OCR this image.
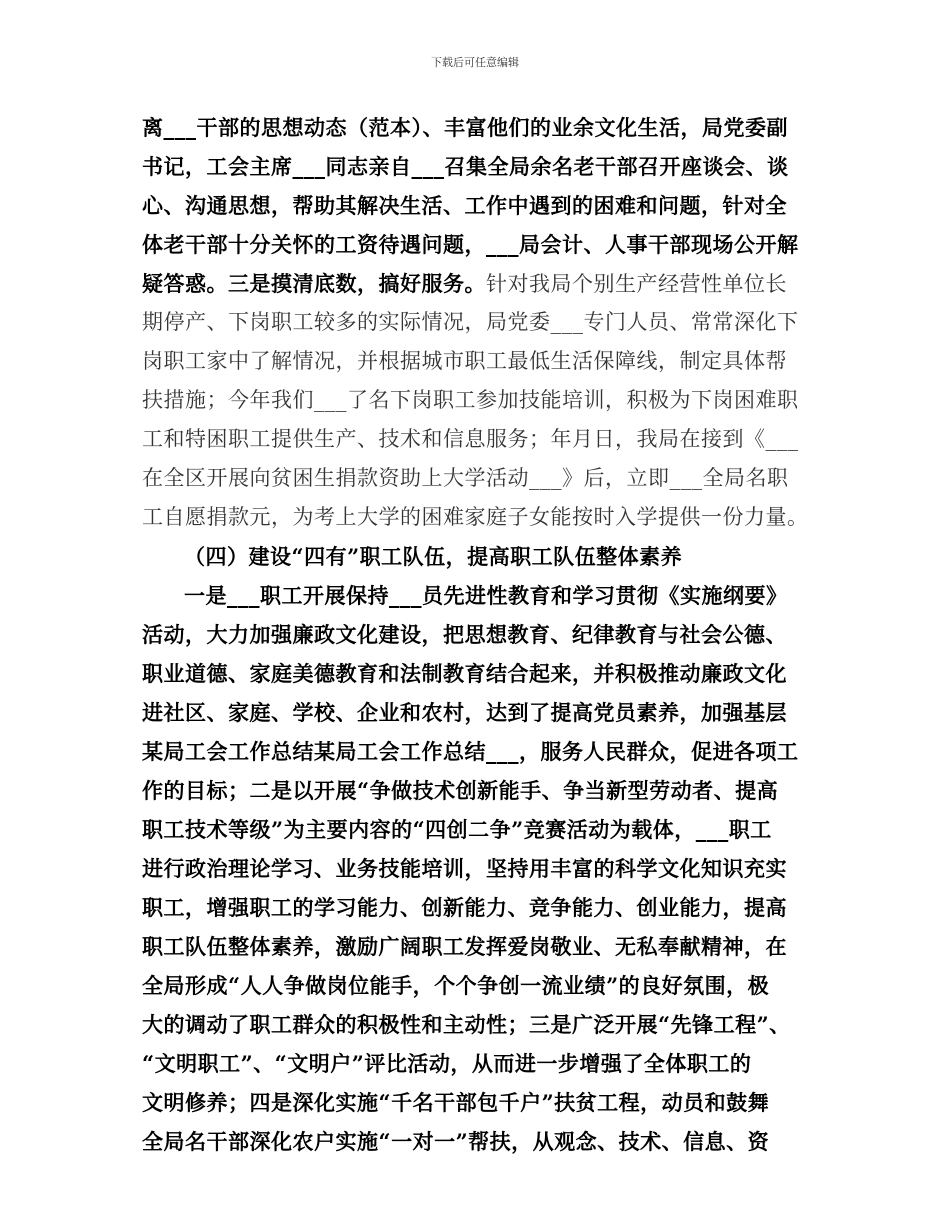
下载后可任意编辑
离___干部的思想动态（范本）、丰富他们的业余文化生活，局党委副
书记，工会主席___同志亲自___召集全局余名老干部召开座谈会、谈
心、沟通思想，帮助其解决生活、工作中遇到的困难和问题，针对全
体老干部十分关怀的工资待遇问题，___局会计、人事干部现场公开解
疑答惑。三是摸清底数，搞好服务。针对我局个别生产经营性单位长
期停产、下岗职工较多的实际情况，局党委___专门人员、常常深化下
岗职工家中了解情况，并根据城市职工最低生活保障线，制定具体帮
扶措施；今年我们___了名下岗职工参加技能培训，积极为下岗困难职
工和特困职工提供生产、技术和信息服务；年月日，我局在接到《___
在全区开展向贫困生捐款资助上大学活动___》后，立即___全局名职
工自愿捐款元，为考上大学的困难家庭子女能按时入学提供一份力量。
（四）建设“四有”职工队伍，提高职工队伍整体素养
一是___职工开展保持___员先进性教育和学习贯彻《实施纲要》
活动，大力加强廉政文化建设，把思想教育、纪律教育与社会公德、
职业道德、家庭美德教育和法制教育结合起来，并积极推动廉政文化
进社区、家庭、学校、企业和农村，达到了提高党员素养，加强基层
某局工会工作总结某局工会工作总结___，服务人民群众，促进各项工
作的目标；二是以开展“争做技术创新能手、争当新型劳动者、提高
职工技术等级”为主要内容的“四创二争”竞赛活动为载体，___职工
进行政治理论学习、业务技能培训，坚持用丰富的科学文化知识充实
职工，增强职工的学习能力、创新能力、竞争能力、创业能力，提高
职工队伍整体素养，激励广阔职工发挥爱岗敬业、无私奉献精神，在
全局形成“人人争做岗位能手，个个争创一流业绩”的良好氛围，极
大的调动了职工群众的积极性和主动性；三是广泛开展“先锋工程”、
“文明职工”、“文明户”评比活动，从而进一步增强了全体职工的
文明修养；四是深化实施“千名干部包千户”扶贫工程，动员和鼓舞
全局名干部深化农户实施“一对一”帮扶，从观念、技术、信息、资
